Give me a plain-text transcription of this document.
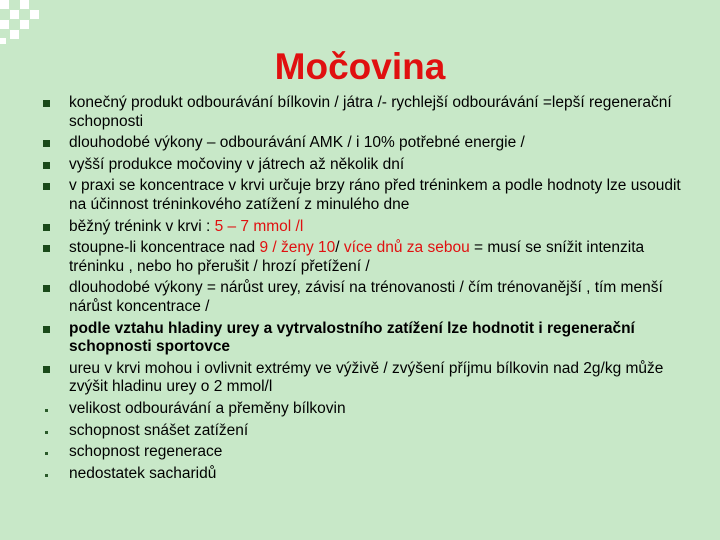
Močovina
konečný produkt odbourávání bílkovin / játra /- rychlejší odbourávání =lepší regenerační schopnosti
dlouhodobé výkony – odbourávání AMK / i 10% potřebné energie /
vyšší produkce močoviny v játrech až několik dní
v praxi se koncentrace v krvi určuje brzy ráno před tréninkem a podle hodnoty lze usoudit na účinnost tréninkového zatížení z minulého dne
běžný trénink v krvi : 5 – 7 mmol /l
stoupne-li koncentrace nad 9 / ženy 10/ více dnů za sebou = musí se snížit intenzita tréninku , nebo ho přerušit / hrozí přetížení /
dlouhodobé výkony = nárůst urey, závisí na trénovanosti / čím trénovanější , tím menší nárůst koncentrace /
podle vztahu hladiny urey a vytrvalostního zatížení lze hodnotit i regenerační schopnosti sportovce
ureu v krvi mohou i ovlivnit extrémy ve výživě / zvýšení příjmu bílkovin nad 2g/kg může zvýšit hladinu urey o 2 mmol/l
velikost odbourávání a přeměny bílkovin
schopnost snášet zatížení
schopnost regenerace
nedostatek sacharidů
